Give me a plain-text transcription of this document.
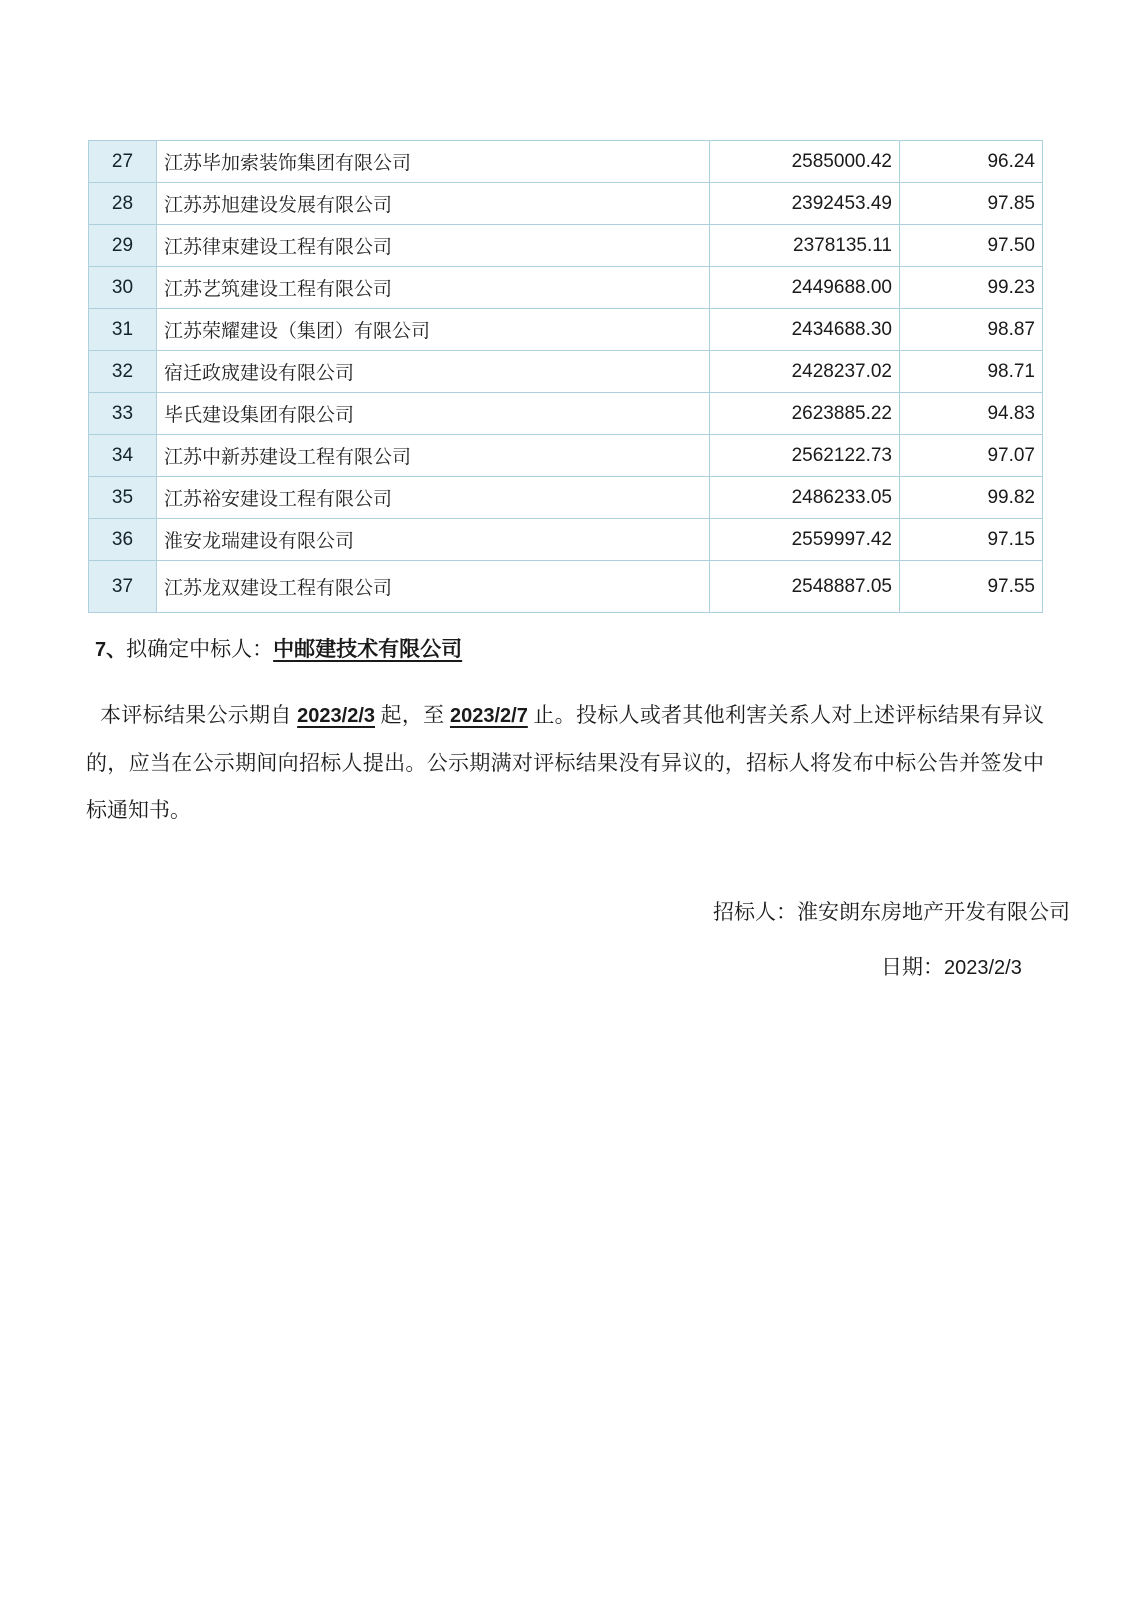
27	江苏毕加索装饰集团有限公司	2585000.42	96.24
28	江苏苏旭建设发展有限公司	2392453.49	97.85
29	江苏律束建设工程有限公司	2378135.11	97.50
30	江苏艺筑建设工程有限公司	2449688.00	99.23
31	江苏荣耀建设（集团）有限公司	2434688.30	98.87
32	宿迁政宬建设有限公司	2428237.02	98.71
33	毕氏建设集团有限公司	2623885.22	94.83
34	江苏中新苏建设工程有限公司	2562122.73	97.07
35	江苏裕安建设工程有限公司	2486233.05	99.82
36	淮安龙瑞建设有限公司	2559997.42	97.15
37	江苏龙双建设工程有限公司	2548887.05	97.55
7、拟确定中标人：中邮建技术有限公司

本评标结果公示期自 2023/2/3 起，至 2023/2/7 止。投标人或者其他利害关系人对上述评标结果有异议的，应当在公示期间向招标人提出。公示期满对评标结果没有异议的，招标人将发布中标公告并签发中标通知书。

招标人：淮安朗东房地产开发有限公司
日期：2023/2/3
